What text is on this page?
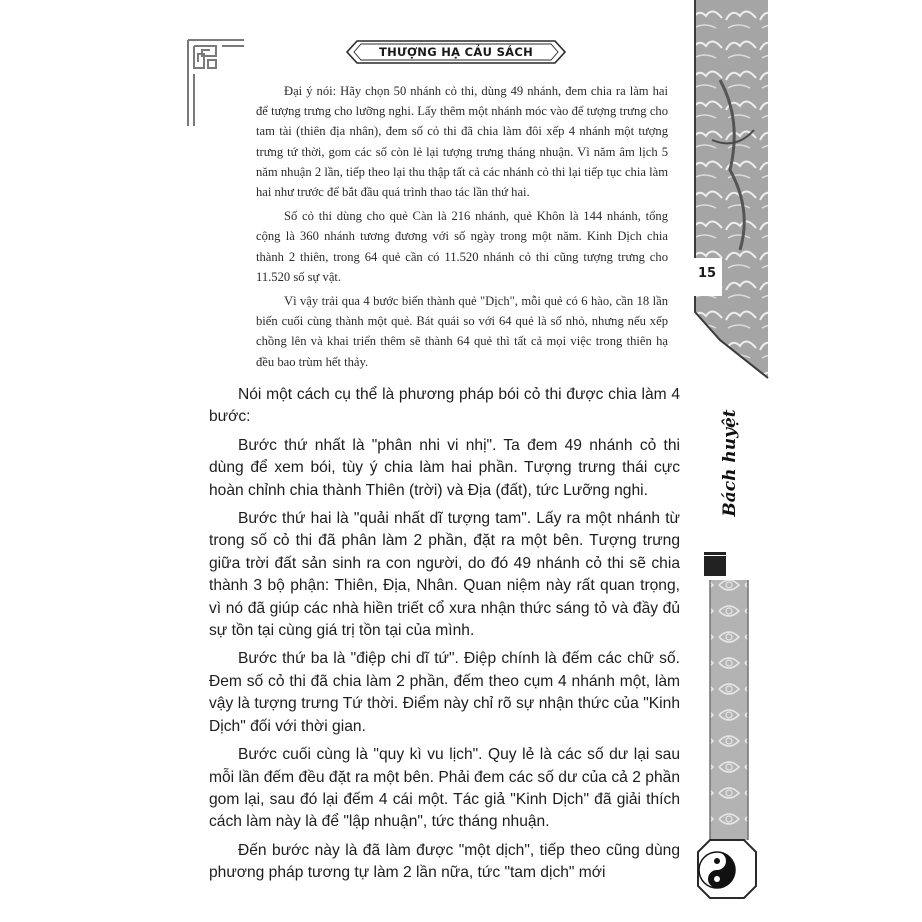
THƯỢNG HẠ CẢU SÁCH

Đại ý nói: Hãy chọn 50 nhánh cỏ thi, dùng 49 nhánh, đem chia ra làm hai để tượng trưng cho lưỡng nghi. Lấy thêm một nhánh móc vào để tượng trưng cho tam tài (thiên địa nhân), đem số cỏ thi đã chia làm đôi xếp 4 nhánh một tượng trưng tứ thời, gom các số còn lẻ lại tượng trưng tháng nhuận. Vì năm âm lịch 5 năm nhuận 2 lần, tiếp theo lại thu thập tất cả các nhánh cỏ thi lại tiếp tục chia làm hai như trước để bắt đầu quá trình thao tác lần thứ hai.

Số cỏ thi dùng cho quẻ Càn là 216 nhánh, quẻ Khôn là 144 nhánh, tổng cộng là 360 nhánh tương đương với số ngày trong một năm. Kinh Dịch chia thành 2 thiên, trong 64 quẻ cần có 11.520 nhánh cỏ thi cũng tượng trưng cho 11.520 số sự vật.

Vì vậy trải qua 4 bước biến thành quẻ "Dịch", mỗi quẻ có 6 hào, cần 18 lần biến cuối cùng thành một quẻ. Bát quái so với 64 quẻ là số nhỏ, nhưng nếu xếp chồng lên và khai triển thêm sẽ thành 64 quẻ thì tất cả mọi việc trong thiên hạ đều bao trùm hết thảy.

Nói một cách cụ thể là phương pháp bói cỏ thi được chia làm 4 bước:

Bước thứ nhất là "phân nhi vi nhị". Ta đem 49 nhánh cỏ thi dùng để xem bói, tùy ý chia làm hai phần. Tượng trưng thái cực hoàn chỉnh chia thành Thiên (trời) và Địa (đất), tức Lưỡng nghi.

Bước thứ hai là "quải nhất dĩ tượng tam". Lấy ra một nhánh từ trong số cỏ thi đã phân làm 2 phần, đặt ra một bên. Tượng trưng giữa trời đất sản sinh ra con người, do đó 49 nhánh cỏ thi sẽ chia thành 3 bộ phận: Thiên, Địa, Nhân. Quan niệm này rất quan trọng, vì nó đã giúp các nhà hiền triết cổ xưa nhận thức sáng tỏ và đầy đủ sự tồn tại cùng giá trị tồn tại của mình.

Bước thứ ba là "điệp chi dĩ tứ". Điệp chính là đếm các chữ số. Đem số cỏ thi đã chia làm 2 phần, đếm theo cụm 4 nhánh một, làm vậy là tượng trưng Tứ thời. Điểm này chỉ rõ sự nhận thức của "Kinh Dịch" đối với thời gian.

Bước cuối cùng là "quy kì vu lịch". Quy lẻ là các số dư lại sau mỗi lần đếm đều đặt ra một bên. Phải đem các số dư của cả 2 phần gom lại, sau đó lại đếm 4 cái một. Tác giả "Kinh Dịch" đã giải thích cách làm này là để "lập nhuận", tức tháng nhuận.

Đến bước này là đã làm được "một dịch", tiếp theo cũng dùng phương pháp tương tự làm 2 lần nữa, tức "tam dịch" mới

15
Bách huyệt
